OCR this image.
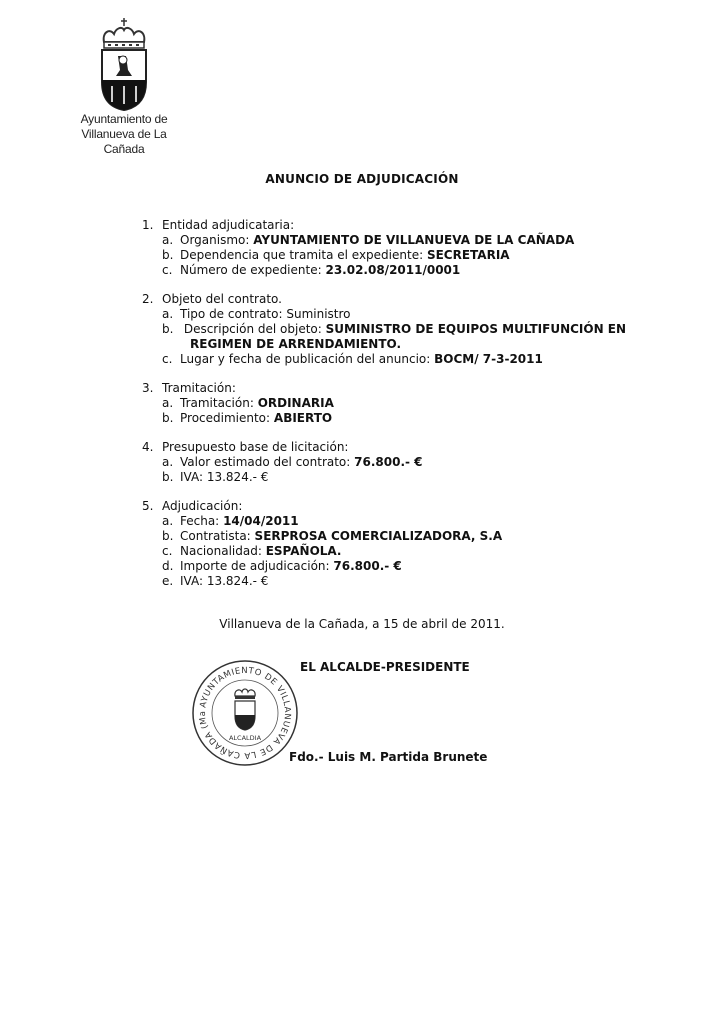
Ayuntamiento de
Villanueva de La Cañada
ANUNCIO DE ADJUDICACIÓN
1. Entidad adjudicataria:
a. Organismo: AYUNTAMIENTO DE VILLANUEVA DE LA CAÑADA
b. Dependencia que tramita el expediente: SECRETARIA
c. Número de expediente: 23.02.08/2011/0001
2. Objeto del contrato.
a. Tipo de contrato: Suministro
b. Descripción del objeto: SUMINISTRO DE EQUIPOS MULTIFUNCIÓN EN
REGIMEN DE ARRENDAMIENTO.
c. Lugar y fecha de publicación del anuncio: BOCM/ 7-3-2011
3. Tramitación:
a. Tramitación: ORDINARIA
b. Procedimiento: ABIERTO
4. Presupuesto base de licitación:
a. Valor estimado del contrato: 76.800.- €
b. IVA: 13.824.- €
5. Adjudicación:
a. Fecha: 14/04/2011
b. Contratista: SERPROSA COMERCIALIZADORA, S.A
c. Nacionalidad: ESPAÑOLA.
d. Importe de adjudicación: 76.800.- €
e. IVA: 13.824.- €
Villanueva de la Cañada, a 15 de abril de 2011.
AYUNTAMIENTO DE VILLANUEVA DE LA CAÑADA (Ma
ALCALDIA
EL ALCALDE-PRESIDENTE
Fdo.- Luis M. Partida Brunete
